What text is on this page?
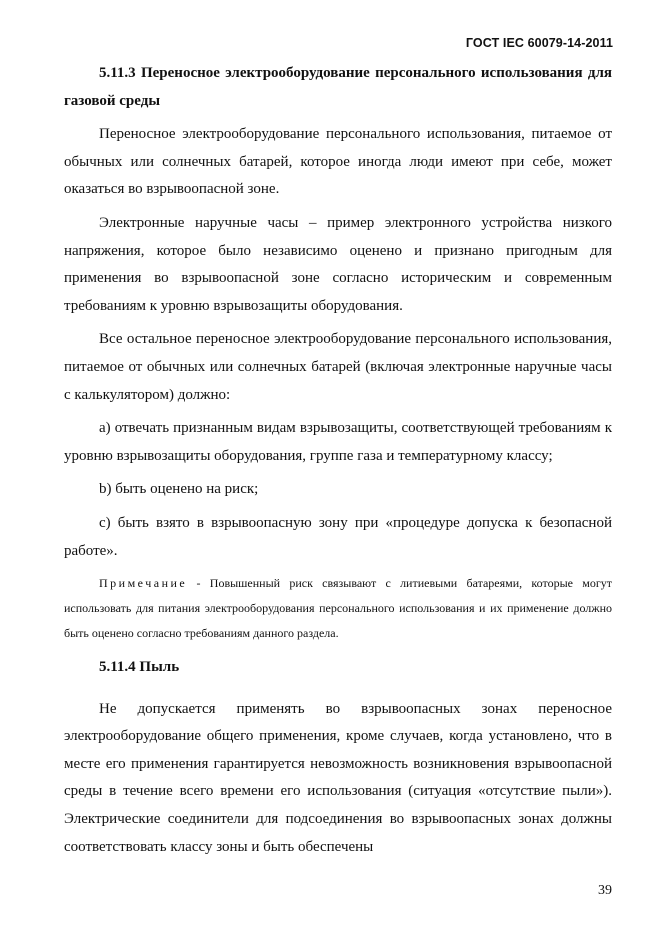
ГОСТ IEC 60079-14-2011

5.11.3 Переносное электрооборудование персонального использования для газовой среды

Переносное электрооборудование персонального использования, питаемое от обычных или солнечных батарей, которое иногда люди имеют при себе, может оказаться во взрывоопасной зоне.

Электронные наручные часы – пример электронного устройства низкого напряжения, которое было независимо оценено и признано пригодным для применения во взрывоопасной зоне согласно историческим и современным требованиям к уровню взрывозащиты оборудования.

Все остальное переносное электрооборудование персонального использования, питаемое от обычных или солнечных батарей (включая электронные наручные часы с калькулятором) должно:

a) отвечать признанным видам взрывозащиты, соответствующей требованиям к уровню взрывозащиты оборудования, группе газа и температурному классу;

b) быть оценено на риск;

c) быть взято в взрывоопасную зону при «процедуре допуска к безопасной работе».

Примечание - Повышенный риск связывают с литиевыми батареями, которые могут использовать для питания электрооборудования персонального использования и их применение должно быть оценено согласно требованиям данного раздела.

5.11.4 Пыль

Не допускается применять во взрывоопасных зонах переносное электрооборудование общего применения, кроме случаев, когда установлено, что в месте его применения гарантируется невозможность возникновения взрывоопасной среды в течение всего времени его использования (ситуация «отсутствие пыли»). Электрические соединители для подсоединения во взрывоопасных зонах должны соответствовать классу зоны и быть обеспечены

39
